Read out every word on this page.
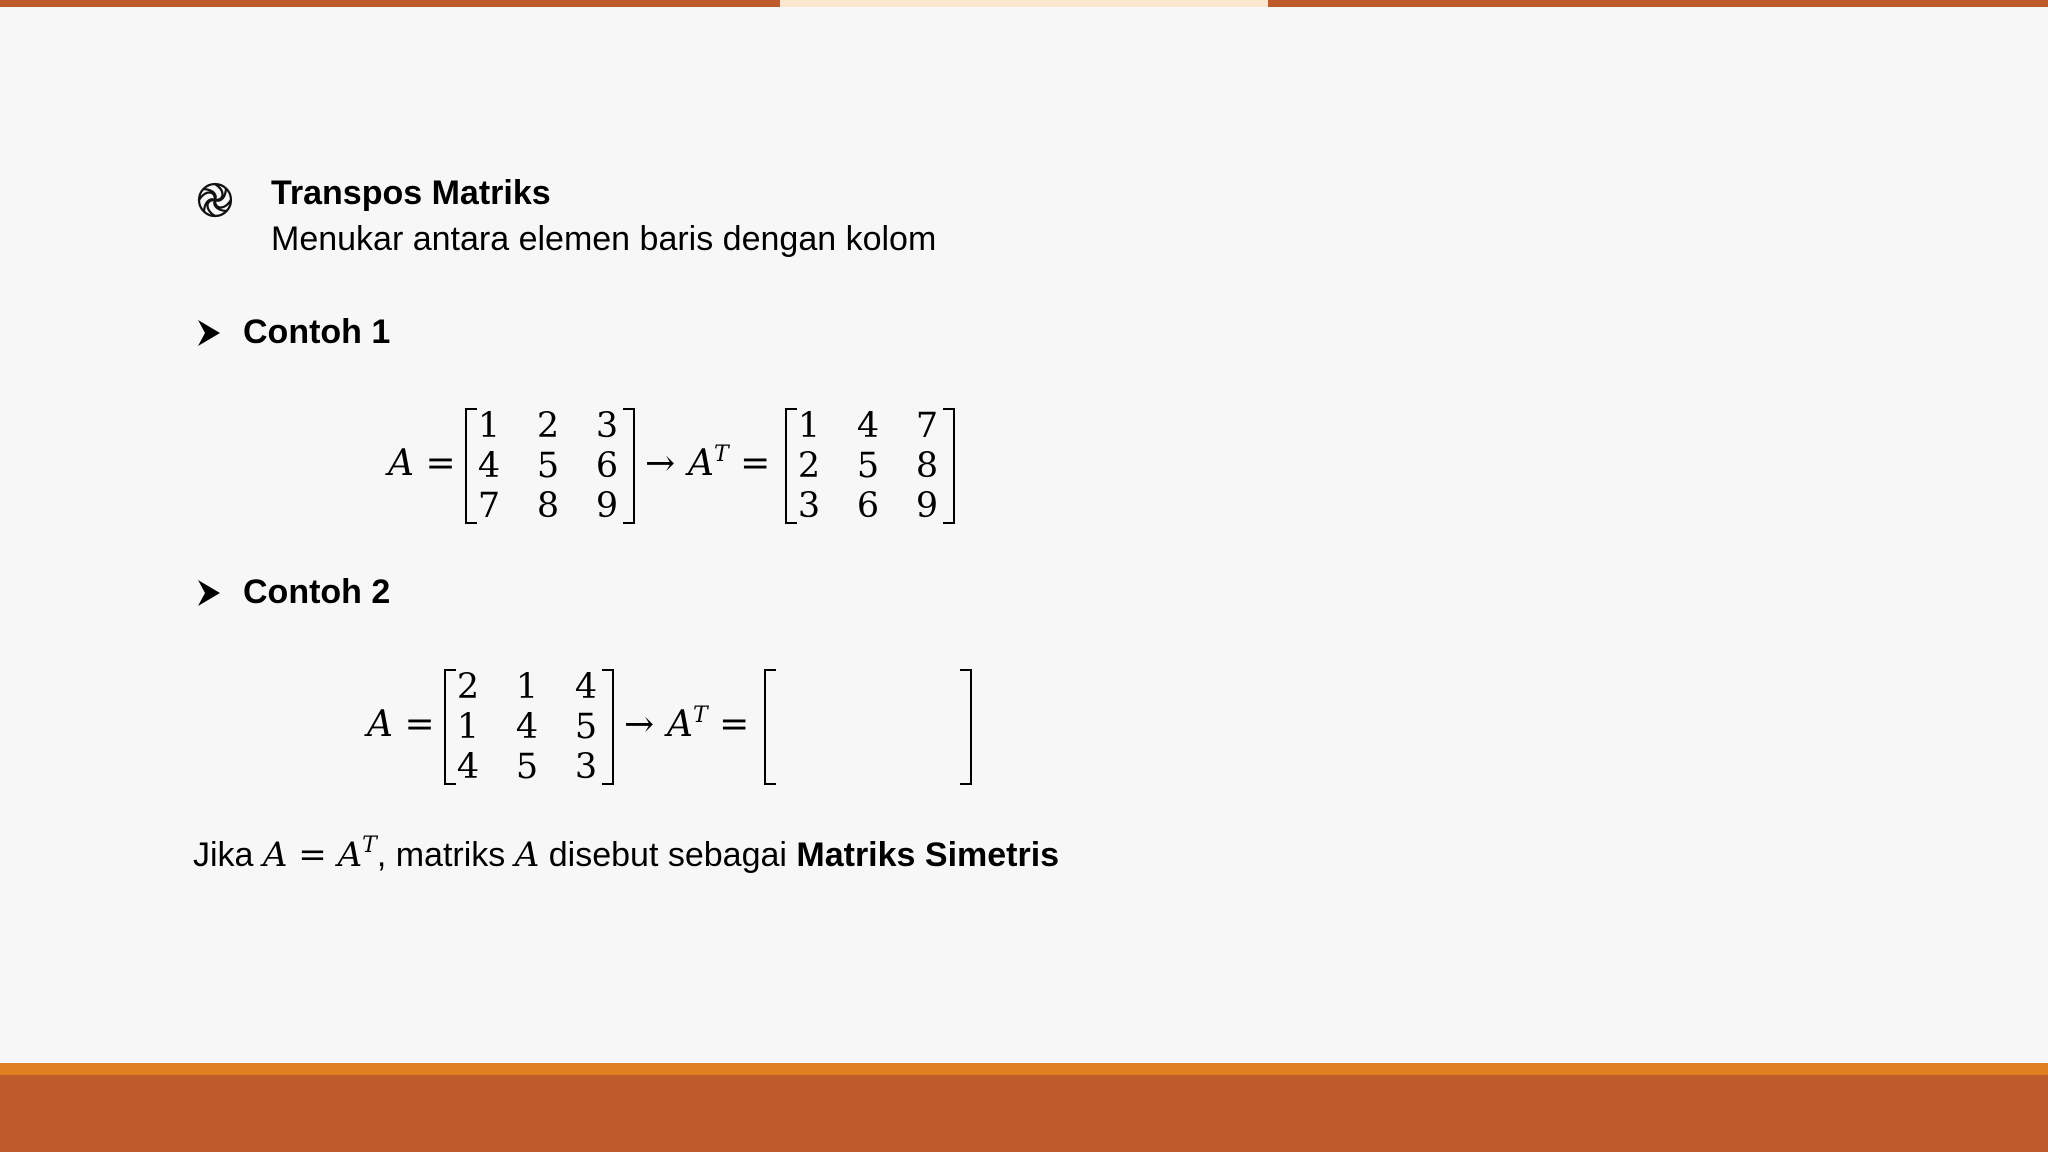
Transpos Matriks
Menukar antara elemen baris dengan kolom
Contoh 1
A =
1 2 3
4 5 6
7 8 9
→ $A^T$ =
1 4 7
2 5 8
3 6 9
Contoh 2
A =
2 1 4
1 4 5
4 5 3
→ $A^T$ =
Jika $A = A^T$, matriks A disebut sebagai Matriks Simetris
